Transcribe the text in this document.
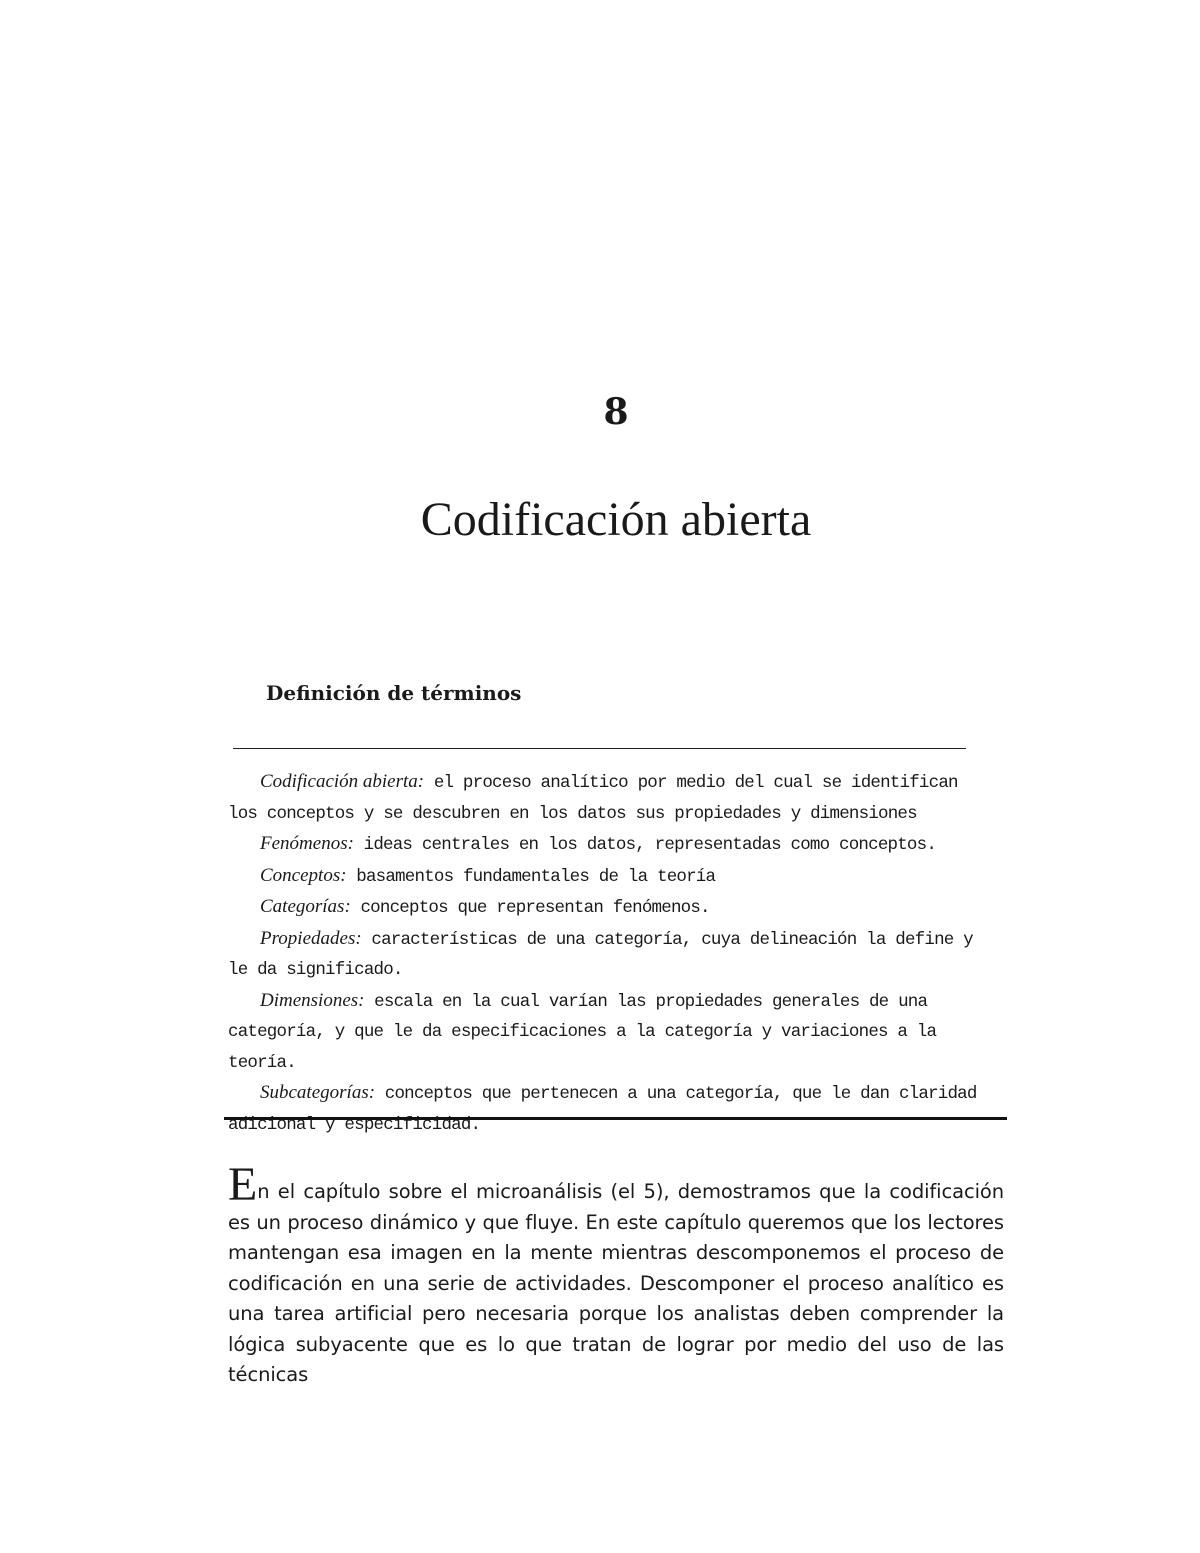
8
Codificación abierta
Definición de términos

Codificación abierta: el proceso analítico por medio del cual se identifican los conceptos y se descubren en los datos sus propiedades y dimensiones

Fenómenos: ideas centrales en los datos, representadas como conceptos.

Conceptos: basamentos fundamentales de la teoría

Categorías: conceptos que representan fenómenos.

Propiedades: características de una categoría, cuya delineación la define y le da significado.

Dimensiones: escala en la cual varían las propiedades generales de una categoría, y que le da especificaciones a la categoría y variaciones a la teoría.

Subcategorías: conceptos que pertenecen a una categoría, que le dan claridad adicional y especificidad.

En el capítulo sobre el microanálisis (el 5), demostramos que la codificación es un proceso dinámico y que fluye. En este capítulo queremos que los lectores mantengan esa imagen en la mente mientras descomponemos el proceso de codificación en una serie de actividades. Descomponer el proceso analítico es una tarea artificial pero necesaria porque los analistas deben comprender la lógica subyacente que es lo que tratan de lograr por medio del uso de las técnicas
